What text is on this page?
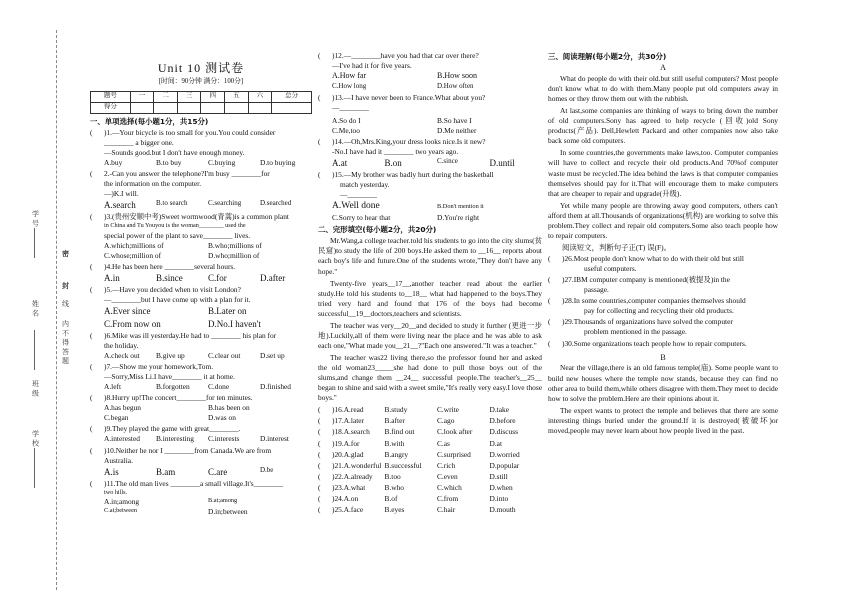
学 号
密
封
姓 名	线
内 不 得 答 题
班 级
学 校
Unit 10 测试卷
[时间：90分钟 满分：100分]
题号	一	二	三	四	五	六	总分
得分							
一、单项选择(每小题1分，共15分)
(	)1.—Your bicycle is too small for you.You could consider
________ a bigger one.
—Sounds good.but I don't have enough money.
A.buy	B.to buy	C.buying	D.to buying
(	2.-Can you answer the telephone?I'm busy ________for
the information on the computer.
—)K.I will.
A.search	B.to search	C.searching	D.searched
(	)3.(贵州安顺中考)Sweet wormwood(青蒿)is a common plant
in China and Tu Youyou is the woman________ used the
special power of the plant to save________ lives.
A.which;millions of	B.who;millions of
C.whose;million of	D.who;million of
(	)4.He has been here ________several hours.
A.in	B.since	C.for	D.after
(	)5.—Have you decided when to visit London?
—________but I have come up with a plan for it.
A.Ever since	B.Later on
C.From now on	D.No.I haven't
(	)6.Mike was ill yesterday.He had to ________ his plan for
the holiday.
A.check out	B.give up	C.clear out	D.set up
(	)7.—Show me your homework,Tom.
—Sorry,Miss Li.I have________ it at home.
A.left	B.forgotten	C.done	D.finished
(	)8.Hurry up!The concert________for ten minutes.
A.has begun	B.has been on
C.began	D.was on
(	)9.They played the game with great________.
A.interested	B.interesting	C.interests	D.interest
(	)10.Neither he nor I ________from Canada.We are from
Australia.
A.is	B.am	C.are	D.be
(	)11.The old man lives ________a small village.It's________
two hills.
A.in;among	B.at;among
C.at;between	D.in;between
(	)12.—________have you had that car over there?
—I've had it for five years.
A.How far	B.How soon
C.How long	D.How often
(	)13.—I have never been to France.What about you?
—________
A.So do I	B.So have I
C.Me,too	D.Me neither
(	)14.—Oh,Mrs.King,your dress looks nice.Is it new?
-No.I have had it ________ two years ago.
A.at	B.on	C.since	D.until
(	)15.—My brother was badly hurt during the basketball
match yesterday.
—________
A.Well done	B.Don't mention it
C.Sorry to hear that	D.You're right
二、完形填空(每小题2分，共20分)

Mr.Wang,a college teacher.told his students to go into the city slums(贫民窟)to study the life of 200 boys.He asked them to __16__ reports about each boy's life and future.One of the students wrote,"They don't have any hope."

Twenty-five years__17__,another teacher read about the earlier study.He told his students to__18__ what had happened to the boys.They tried very hard and found that 176 of the boys had become successful__19__doctors,teachers and scientists.

The teacher was very__20__and decided to study it further (更进一步地).Luckily,all of them were living near the place and he was able to ask each one,"What made you__21__?"Each one answered."It was a teacher."

The teacher was22 living there,so the professor found her and asked the old woman23_____she had done to pull those boys out of the slums,and change them __24__ successful people.The teacher's__25__ began to shine and said with a sweet smile,"It's really very easy.I love those boys."

(	)16.A.read	B.study	C.write	D.take
(	)17.A.later	B.after	C.ago	D.before
(	)18.A.search	B.find out	C.look after	D.discuss
(	)19.A.for	B.with	C.as	D.at
(	)20.A.glad	B.angry	C.surprised	D.worried
(	)21.A.wonderful B.successful	C.rich	D.popular
(	)22.A.already	B.too	C.even	D.still
(	)23.A.what	B.who	C.which	D.when
(	)24.A.on	B.of	C.from	D.into
(	)25.A.face	B.eyes	C.hair	D.mouth
三、阅读理解(每小题2分，共30分)
A

What do people do with their old.but still useful computers? Most people don't know what to do with them.Many people put old computers away in homes or they throw them out with the rubbish.

At last,some companies are thinking of ways to bring down the number of old computers.Sony has agreed to help recycle (回收)old Sony products(产品). Dell,Hewlett Packard and other companies now also take back some old computers.

In some countries,the governments make laws,too. Computer companies will have to collect and recycle their old products.And 70%of computer waste must be recycled.The idea behind the laws is that computer companies themselves should pay for it.That will encourage them to make computers that are cheaper to repair and upgrade(升级).

Yet while many people are throwing away good computers, others can't afford them at all.Thousands of organizations(机构) are working to solve this problem.They collect and repair old computers.Some also teach people how to repair computers.

阅读短文，判断句子正(T) 误(F)。
(	)26.Most people don't know what to do with their old but still
useful computers.
(	)27.IBM computer company is mentioned(被提及)in the
passage.
(	)28.In some countries,computer companies themselves should
pay for collecting and recycling their old products.
(	)29.Thousands of organizations have solved the computer
problem mentioned in the passage.
(	)30.Some organizations teach people how to repair computers.
B

Near the village,there is an old famous temple(庙). Some people want to build new houses where the temple now stands, because they can find no other area to build them,while others disagree with them.They meet to decide how to solve the problem.Here are their opinions about it.

The expert wants to protect the temple and believes that there are some interesting things buried under the ground.If it is destroyed(被破坏)or moved,people may never learn about how people lived in the past.
